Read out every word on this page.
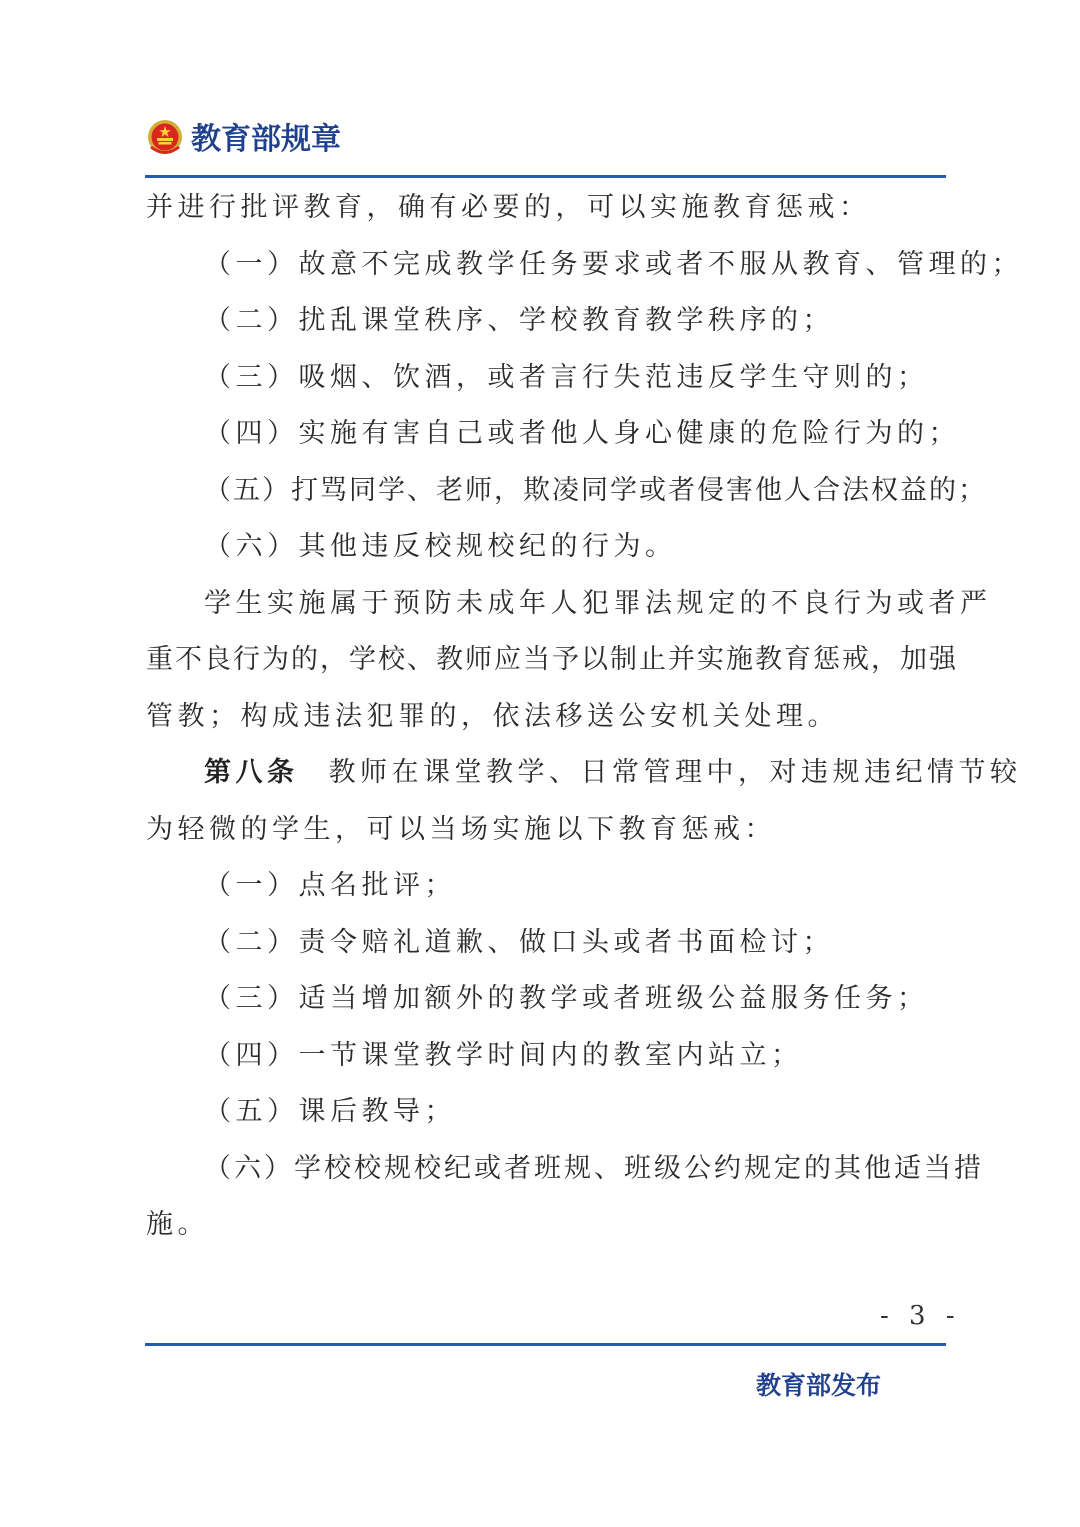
教育部规章
并进行批评教育，确有必要的，可以实施教育惩戒：
（一）故意不完成教学任务要求或者不服从教育、管理的；
（二）扰乱课堂秩序、学校教育教学秩序的；
（三）吸烟、饮酒，或者言行失范违反学生守则的；
（四）实施有害自己或者他人身心健康的危险行为的；
（五）打骂同学、老师，欺凌同学或者侵害他人合法权益的；
（六）其他违反校规校纪的行为。
学生实施属于预防未成年人犯罪法规定的不良行为或者严
重不良行为的，学校、教师应当予以制止并实施教育惩戒，加强
管教；构成违法犯罪的，依法移送公安机关处理。
第八条 教师在课堂教学、日常管理中，对违规违纪情节较
为轻微的学生，可以当场实施以下教育惩戒：
（一）点名批评；
（二）责令赔礼道歉、做口头或者书面检讨；
（三）适当增加额外的教学或者班级公益服务任务；
（四）一节课堂教学时间内的教室内站立；
（五）课后教导；
（六）学校校规校纪或者班规、班级公约规定的其他适当措
施。
- 3 -
教育部发布
